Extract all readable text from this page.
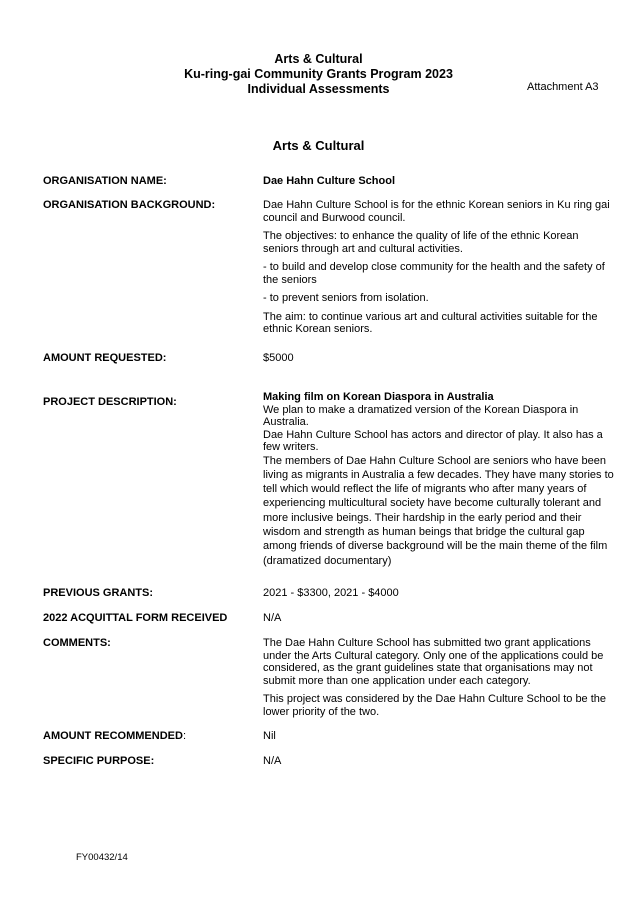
Arts & Cultural
Ku-ring-gai Community Grants Program 2023
Individual Assessments	Attachment A3
Arts & Cultural
ORGANISATION NAME:	Dae Hahn Culture School
ORGANISATION BACKGROUND:	Dae Hahn Culture School is for the ethnic Korean seniors in Ku ring gai council and Burwood council.

The objectives: to enhance the quality of life of the ethnic Korean seniors through art and cultural activities.

- to build and develop close community for the health and the safety of the seniors

- to prevent seniors from isolation.

The aim: to continue various art and cultural activities suitable for the ethnic Korean seniors.

AMOUNT REQUESTED:	$5000
PROJECT DESCRIPTION:	Making film on Korean Diaspora in Australia
We plan to make a dramatized version of the Korean Diaspora in Australia.
Dae Hahn Culture School has actors and director of play. It also has a few writers.
The members of Dae Hahn Culture School are seniors who have been living as migrants in Australia a few decades. They have many stories to tell which would reflect the life of migrants who after many years of experiencing multicultural society have become culturally tolerant and more inclusive beings. Their hardship in the early period and their wisdom and strength as human beings that bridge the cultural gap among friends of diverse background will be the main theme of the film (dramatized documentary)
PREVIOUS GRANTS:	2021 - $3300, 2021 - $4000
2022 ACQUITTAL FORM RECEIVED	N/A
COMMENTS:	The Dae Hahn Culture School has submitted two grant applications under the Arts Cultural category. Only one of the applications could be considered, as the grant guidelines state that organisations may not submit more than one application under each category.

This project was considered by the Dae Hahn Culture School to be the lower priority of the two.

AMOUNT RECOMMENDED:	Nil
SPECIFIC PURPOSE:	N/A
FY00432/14
